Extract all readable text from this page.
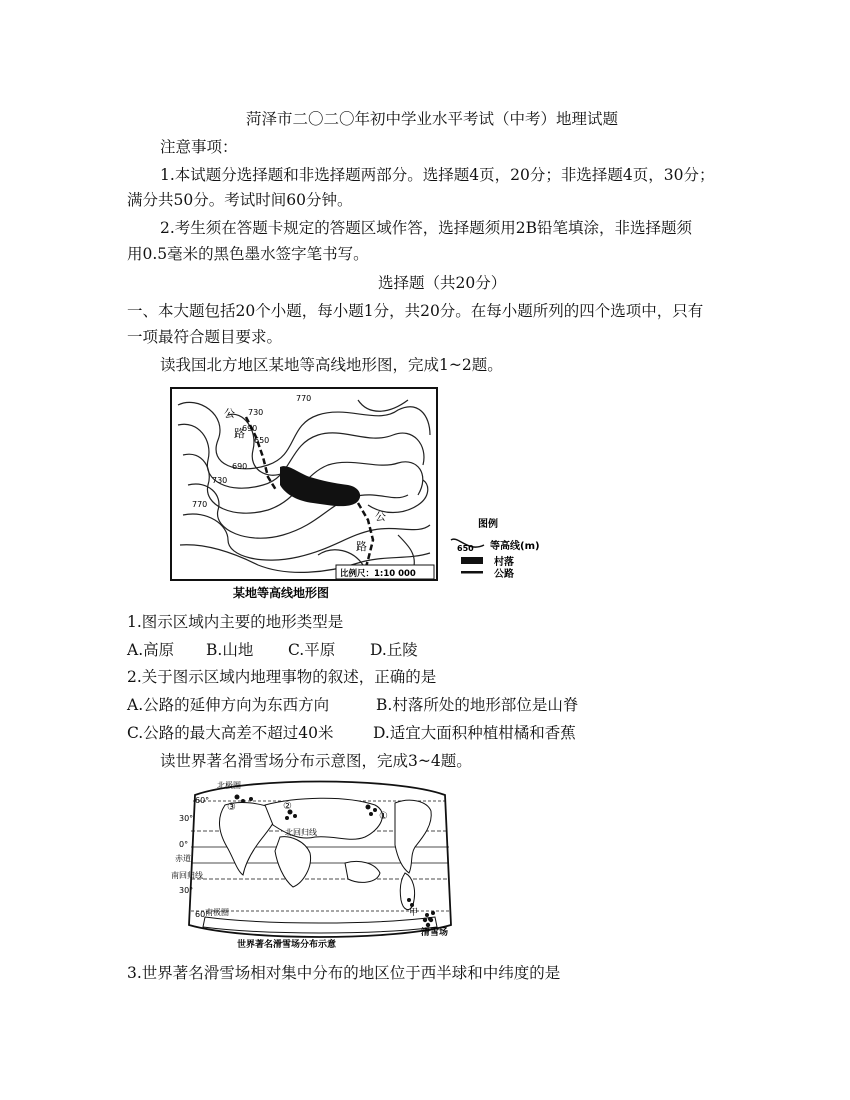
菏泽市二〇二〇年初中学业水平考试（中考）地理试题
注意事项：
1.本试题分选择题和非选择题两部分。选择题4页，20分；非选择题4页，30分；
满分共50分。考试时间60分钟。
2.考生须在答题卡规定的答题区域作答，选择题须用2B铅笔填涂，非选择题须
用0.5毫米的黑色墨水签字笔书写。
选择题（共20分）
一、本大题包括20个小题，每小题1分，共20分。在每小题所列的四个选项中，只有
一项最符合题目要求。
读我国北方地区某地等高线地形图，完成1~2题。
770
730
690
650
690
730
770
公
路
公
路
比例尺：1:10 000
某地等高线地形图
图例
650 等高线(m)
村落
公路
1.图示区域内主要的地形类型是
A.高原 B.山地 C.平原 D.丘陵
2.关于图示区域内地理事物的叙述，正确的是
A.公路的延伸方向为东西方向	B.村落所处的地形部位是山脊
C.公路的最大高差不超过40米	D.适宜大面积种植柑橘和香蕉
读世界著名滑雪场分布示意图，完成3~4题。
①
②
③
甲
北极圈
北回归线
赤道
南回归线
南极圈
60°
30°
0°
30°
60°
世界著名滑雪场分布示意
滑雪场
3.世界著名滑雪场相对集中分布的地区位于西半球和中纬度的是
